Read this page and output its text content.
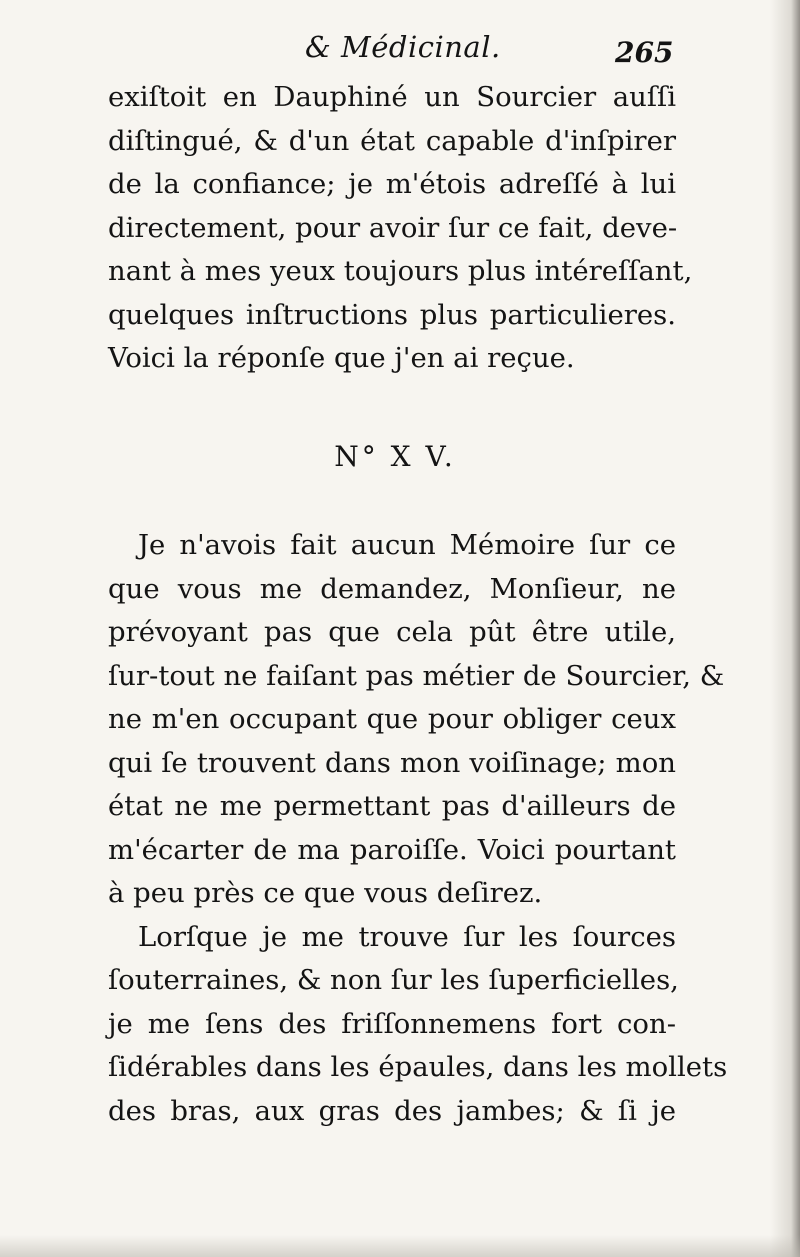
& Médicinal.	265
exiſtoit en Dauphiné un Sourcier auſſi
diſtingué, & d'un état capable d'inſpirer
de la confiance; je m'étois adreſſé à lui
directement, pour avoir ſur ce fait, deve-
nant à mes yeux toujours plus intéreſſant,
quelques inſtructions plus particulieres.
Voici la réponſe que j'en ai reçue.
N° X V.
Je n'avois fait aucun Mémoire ſur ce
que vous me demandez, Monſieur, ne
prévoyant pas que cela pût être utile,
ſur-tout ne faiſant pas métier de Sourcier, &
ne m'en occupant que pour obliger ceux
qui ſe trouvent dans mon voiſinage; mon
état ne me permettant pas d'ailleurs de
m'écarter de ma paroiſſe. Voici pourtant
à peu près ce que vous deſirez.
Lorſque je me trouve ſur les ſources
ſouterraines, & non ſur les ſuperficielles,
je me ſens des friſſonnemens fort con-
ſidérables dans les épaules, dans les mollets
des bras, aux gras des jambes; & ſi je
